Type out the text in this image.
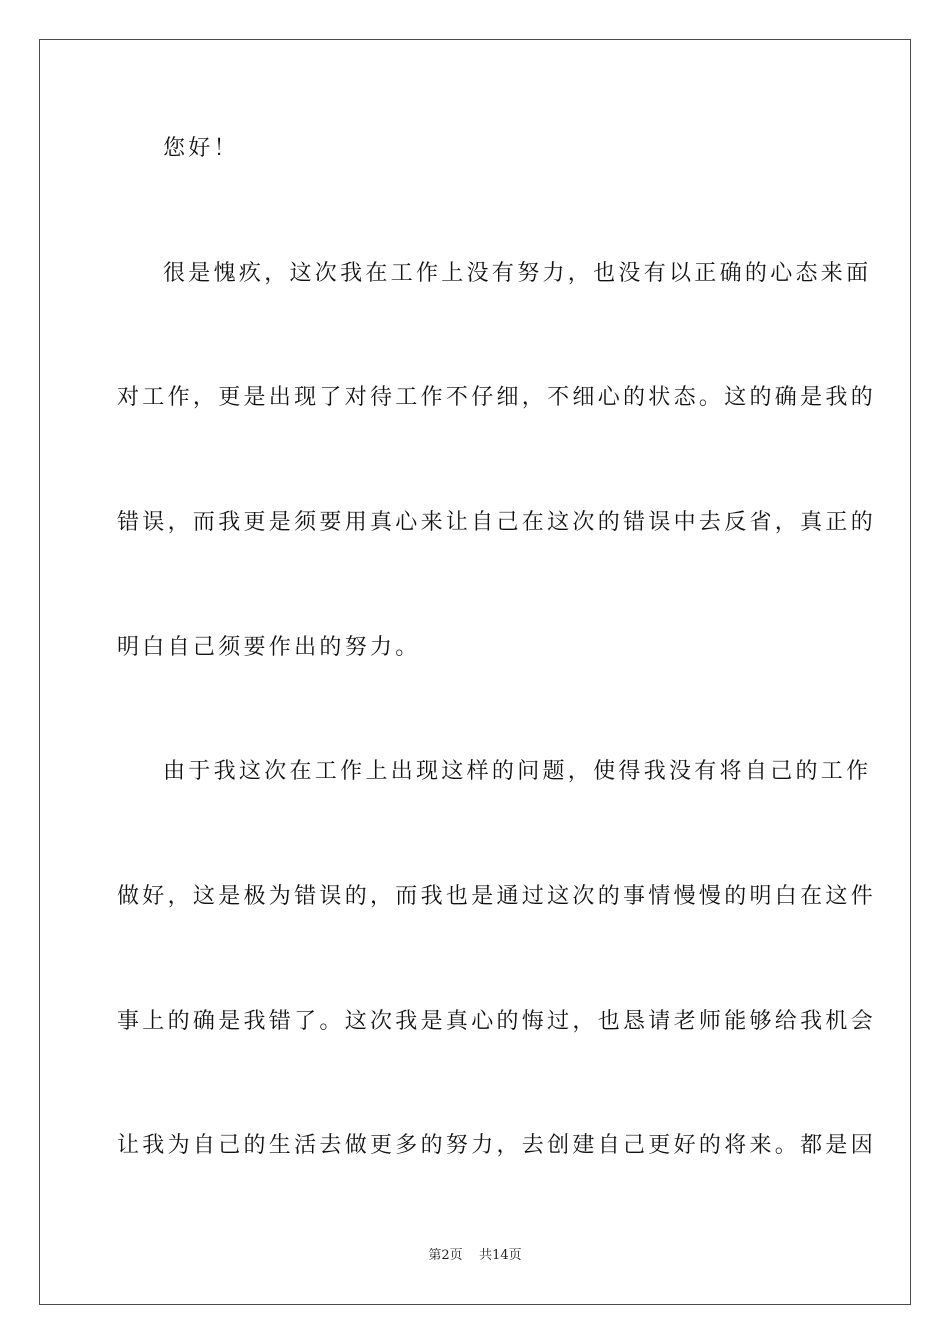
您好！
很是愧疚，这次我在工作上没有努力，也没有以正确的心态来面
对工作，更是出现了对待工作不仔细，不细心的状态。这的确是我的
错误，而我更是须要用真心来让自己在这次的错误中去反省，真正的
明白自己须要作出的努力。
由于我这次在工作上出现这样的问题，使得我没有将自己的工作
做好，这是极为错误的，而我也是通过这次的事情慢慢的明白在这件
事上的确是我错了。这次我是真心的悔过，也恳请老师能够给我机会
让我为自己的生活去做更多的努力，去创建自己更好的将来。都是因
第2页 共14页
